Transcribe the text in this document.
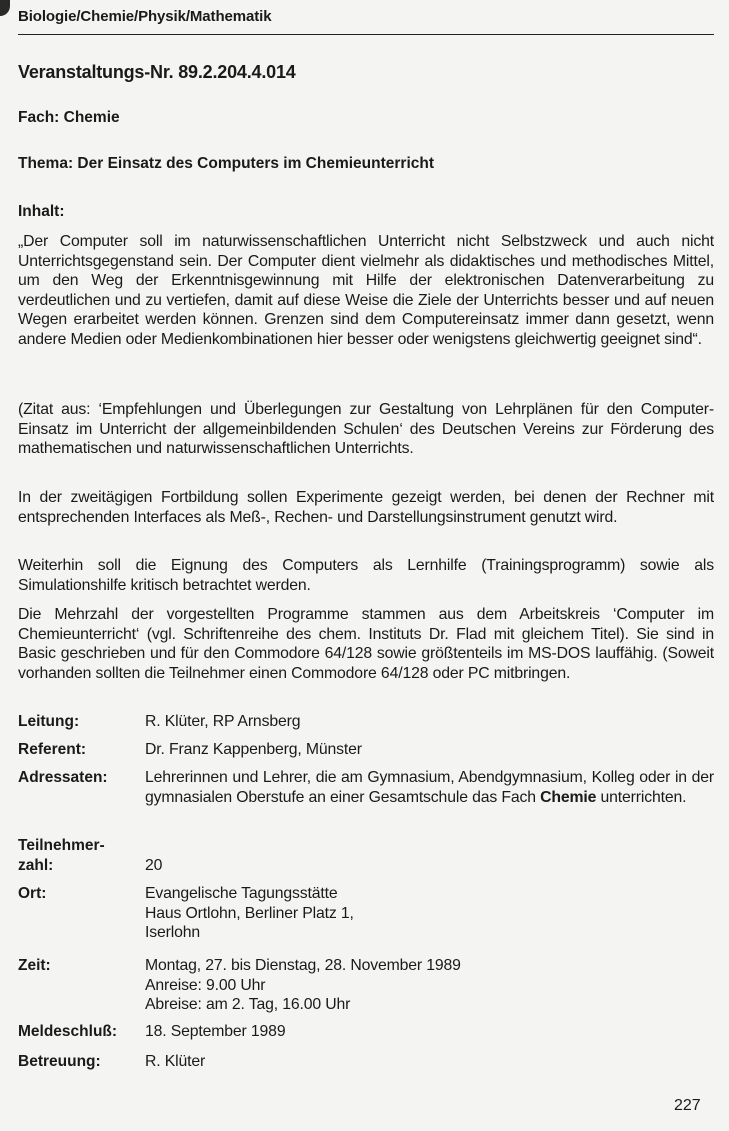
Biologie/Chemie/Physik/Mathematik
Veranstaltungs-Nr. 89.2.204.4.014
Fach: Chemie
Thema: Der Einsatz des Computers im Chemieunterricht
Inhalt:
„Der Computer soll im naturwissenschaftlichen Unterricht nicht Selbstzweck und auch nicht Unterrichtsgegenstand sein. Der Computer dient vielmehr als didaktisches und methodisches Mittel, um den Weg der Erkenntnisgewinnung mit Hilfe der elektronischen Datenverarbeitung zu verdeutlichen und zu vertiefen, damit auf diese Weise die Ziele der Unterrichts besser und auf neuen Wegen erarbeitet werden können. Grenzen sind dem Computereinsatz immer dann gesetzt, wenn andere Medien oder Medienkombinationen hier besser oder wenigstens gleichwertig geeignet sind“.
(Zitat aus: ‘Empfehlungen und Überlegungen zur Gestaltung von Lehrplänen für den Computer-Einsatz im Unterricht der allgemeinbildenden Schulen‘ des Deutschen Vereins zur Förderung des mathematischen und naturwissenschaftlichen Unterrichts.
In der zweitägigen Fortbildung sollen Experimente gezeigt werden, bei denen der Rechner mit entsprechenden Interfaces als Meß-, Rechen- und Darstellungsinstrument genutzt wird.
Weiterhin soll die Eignung des Computers als Lernhilfe (Trainingsprogramm) sowie als Simulationshilfe kritisch betrachtet werden.
Die Mehrzahl der vorgestellten Programme stammen aus dem Arbeitskreis ‘Computer im Chemieunterricht‘ (vgl. Schriftenreihe des chem. Instituts Dr. Flad mit gleichem Titel). Sie sind in Basic geschrieben und für den Commodore 64/128 sowie größtenteils im MS-DOS lauffähig. (Soweit vorhanden sollten die Teilnehmer einen Commodore 64/128 oder PC mitbringen.
Leitung:	R. Klüter, RP Arnsberg
Referent:	Dr. Franz Kappenberg, Münster
Adressaten: Lehrerinnen und Lehrer, die am Gymnasium, Abendgymnasium, Kolleg oder in der gymnasialen Oberstufe an einer Gesamtschule das Fach Chemie unterrichten.
Teilnehmer-
zahl:	20
Ort:	Evangelische Tagungsstätte
Haus Ortlohn, Berliner Platz 1,
Iserlohn
Zeit:	Montag, 27. bis Dienstag, 28. November 1989
Anreise: 9.00 Uhr
Abreise: am 2. Tag, 16.00 Uhr
Meldeschluß: 18. September 1989
Betreuung:	R. Klüter
227
